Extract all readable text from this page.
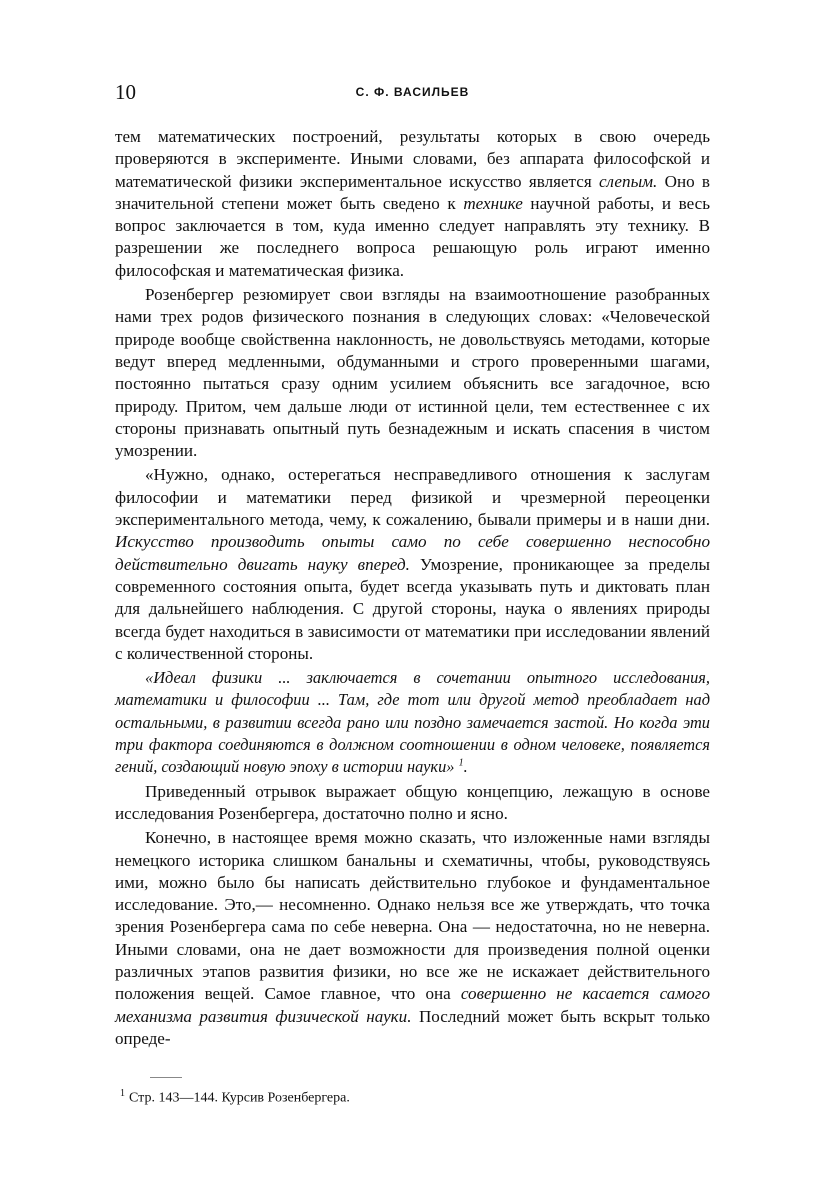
10	С. Ф. ВАСИЛЬЕВ

тем математических построений, результаты которых в свою очередь проверяются в эксперименте. Иными словами, без аппарата философской и математической физики экспериментальное искусство является слепым. Оно в значительной степени может быть сведено к технике научной работы, и весь вопрос заключается в том, куда именно следует направлять эту технику. В разрешении же последнего вопроса решающую роль играют именно философская и математическая физика.

Розенбергер резюмирует свои взгляды на взаимоотношение разобранных нами трех родов физического познания в следующих словах: «Человеческой природе вообще свойственна наклонность, не довольствуясь методами, которые ведут вперед медленными, обдуманными и строго проверенными шагами, постоянно пытаться сразу одним усилием объяснить все загадочное, всю природу. Притом, чем дальше люди от истинной цели, тем естественнее с их стороны признавать опытный путь безнадежным и искать спасения в чистом умозрении.

«Нужно, однако, остерегаться несправедливого отношения к заслугам философии и математики перед физикой и чрезмерной переоценки экспериментального метода, чему, к сожалению, бывали примеры и в наши дни. Искусство производить опыты само по себе совершенно неспособно действительно двигать науку вперед. Умозрение, проникающее за пределы современного состояния опыта, будет всегда указывать путь и диктовать план для дальнейшего наблюдения. С другой стороны, наука о явлениях природы всегда будет находиться в зависимости от математики при исследовании явлений с количественной стороны.

«Идеал физики ... заключается в сочетании опытного исследования, математики и философии ... Там, где тот или другой метод преобладает над остальными, в развитии всегда рано или поздно замечается застой. Но когда эти три фактора соединяются в должном соотношении в одном человеке, появляется гений, создающий новую эпоху в истории науки» $^1$.

Приведенный отрывок выражает общую концепцию, лежащую в основе исследования Розенбергера, достаточно полно и ясно.

Конечно, в настоящее время можно сказать, что изложенные нами взгляды немецкого историка слишком банальны и схематичны, чтобы, руководствуясь ими, можно было бы написать действительно глубокое и фундаментальное исследование. Это,— несомненно. Однако нельзя все же утверждать, что точка зрения Розенбергера сама по себе неверна. Она — недостаточна, но не неверна. Иными словами, она не дает возможности для произведения полной оценки различных этапов развития физики, но все же не искажает действительного положения вещей. Самое главное, что она совершенно не касается самого механизма развития физической науки. Последний может быть вскрыт только опреде-

$^1$ Стр. 143—144. Курсив Розенбергера.
